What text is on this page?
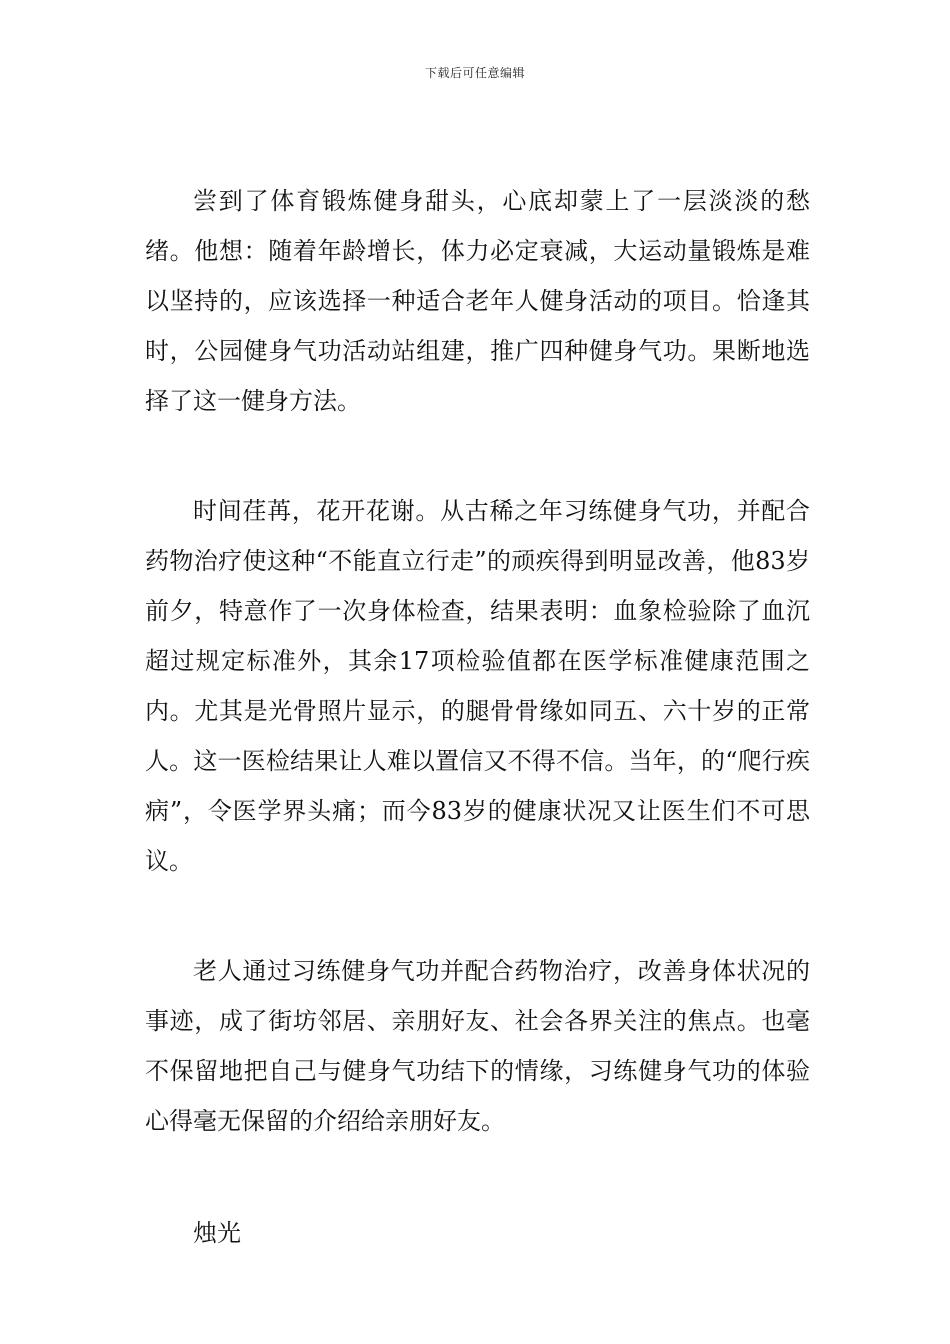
下载后可任意编辑

尝到了体育锻炼健身甜头，心底却蒙上了一层淡淡的愁绪。他想：随着年龄增长，体力必定衰减，大运动量锻炼是难以坚持的，应该选择一种适合老年人健身活动的项目。恰逢其时，公园健身气功活动站组建，推广四种健身气功。果断地选择了这一健身方法。

时间荏苒，花开花谢。从古稀之年习练健身气功，并配合药物治疗使这种“不能直立行走”的顽疾得到明显改善，他83岁前夕，特意作了一次身体检查，结果表明：血象检验除了血沉超过规定标准外，其余17项检验值都在医学标准健康范围之内。尤其是光骨照片显示，的腿骨骨缘如同五、六十岁的正常人。这一医检结果让人难以置信又不得不信。当年，的“爬行疾病”，令医学界头痛；而今83岁的健康状况又让医生们不可思议。

老人通过习练健身气功并配合药物治疗，改善身体状况的事迹，成了街坊邻居、亲朋好友、社会各界关注的焦点。也毫不保留地把自己与健身气功结下的情缘，习练健身气功的体验心得毫无保留的介绍给亲朋好友。

烛光
